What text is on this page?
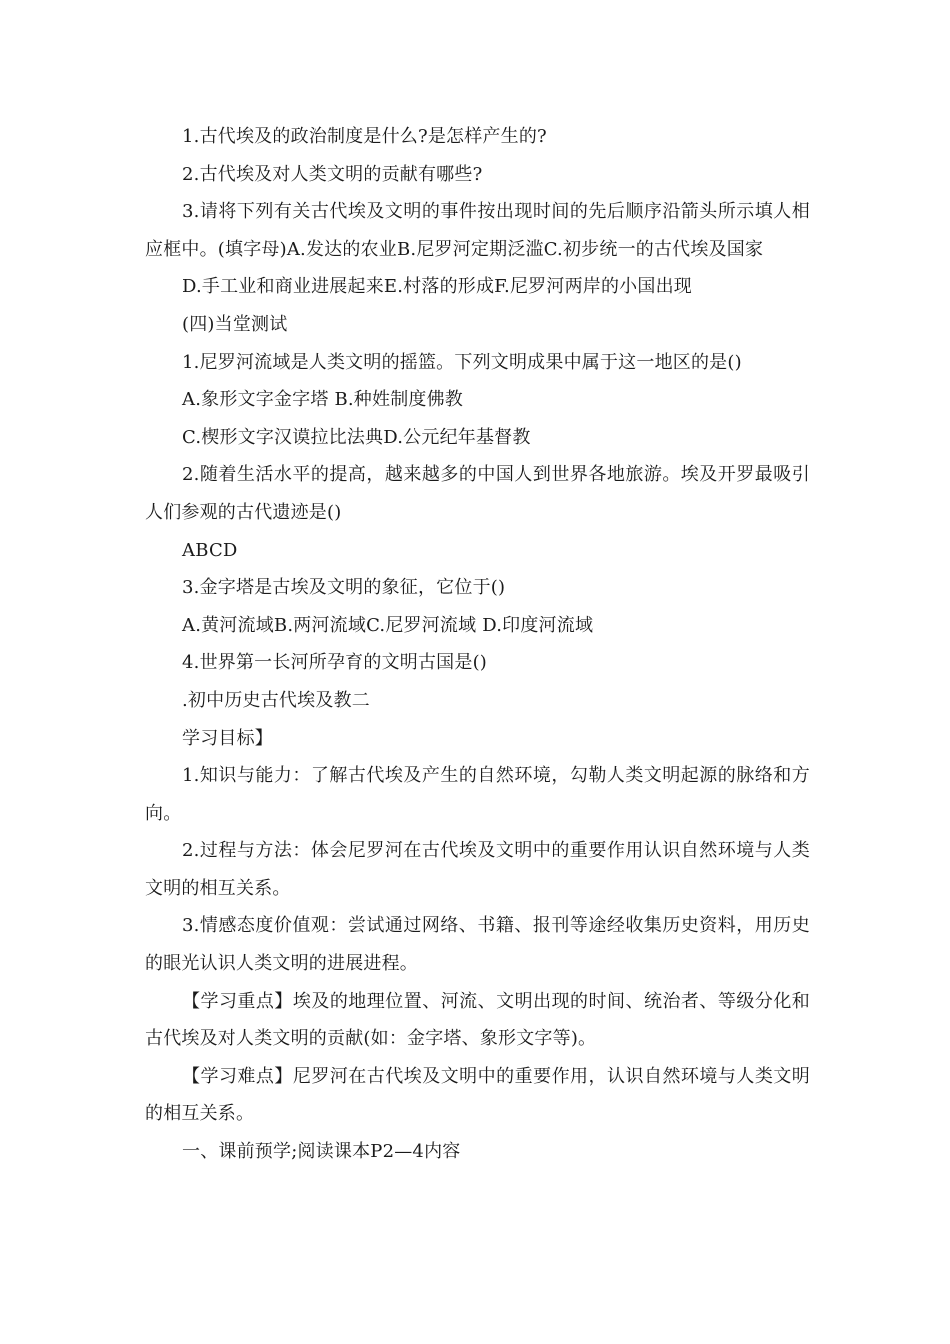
1.古代埃及的政治制度是什么?是怎样产生的?

2.古代埃及对人类文明的贡献有哪些?

3.请将下列有关古代埃及文明的事件按出现时间的先后顺序沿箭头所示填人相应框中。(填字母)A.发达的农业B.尼罗河定期泛滥C.初步统一的古代埃及国家

D.手工业和商业进展起来E.村落的形成F.尼罗河两岸的小国出现

(四)当堂测试

1.尼罗河流域是人类文明的摇篮。下列文明成果中属于这一地区的是()

A.象形文字金字塔 B.种姓制度佛教

C.楔形文字汉谟拉比法典D.公元纪年基督教

2.随着生活水平的提高，越来越多的中国人到世界各地旅游。埃及开罗最吸引人们参观的古代遗迹是()

ABCD

3.金字塔是古埃及文明的象征，它位于()

A.黄河流域B.两河流域C.尼罗河流域 D.印度河流域

4.世界第一长河所孕育的文明古国是()

.初中历史古代埃及教二

学习目标】

1.知识与能力：了解古代埃及产生的自然环境，勾勒人类文明起源的脉络和方向。

2.过程与方法：体会尼罗河在古代埃及文明中的重要作用认识自然环境与人类文明的相互关系。

3.情感态度价值观：尝试通过网络、书籍、报刊等途经收集历史资料，用历史的眼光认识人类文明的进展进程。

【学习重点】埃及的地理位置、河流、文明出现的时间、统治者、等级分化和古代埃及对人类文明的贡献(如：金字塔、象形文字等)。

【学习难点】尼罗河在古代埃及文明中的重要作用，认识自然环境与人类文明的相互关系。

一、课前预学;阅读课本P2—4内容
